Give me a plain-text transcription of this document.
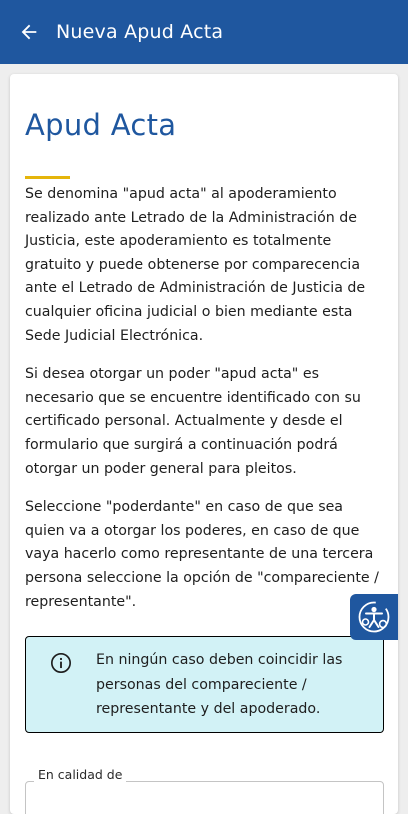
Nueva Apud Acta
Apud Acta

Se denomina "apud acta" al apoderamiento realizado ante Letrado de la Administración de Justicia, este apoderamiento es totalmente gratuito y puede obtenerse por comparecencia ante el Letrado de Administración de Justicia de cualquier oficina judicial o bien mediante esta Sede Judicial Electrónica.

Si desea otorgar un poder "apud acta" es necesario que se encuentre identificado con su certificado personal. Actualmente y desde el formulario que surgirá a continuación podrá otorgar un poder general para pleitos.

Seleccione "poderdante" en caso de que sea quien va a otorgar los poderes, en caso de que vaya hacerlo como representante de una tercera persona seleccione la opción de "compareciente / representante".

En ningún caso deben coincidir las personas del compareciente / representante y del apoderado.
En calidad de
